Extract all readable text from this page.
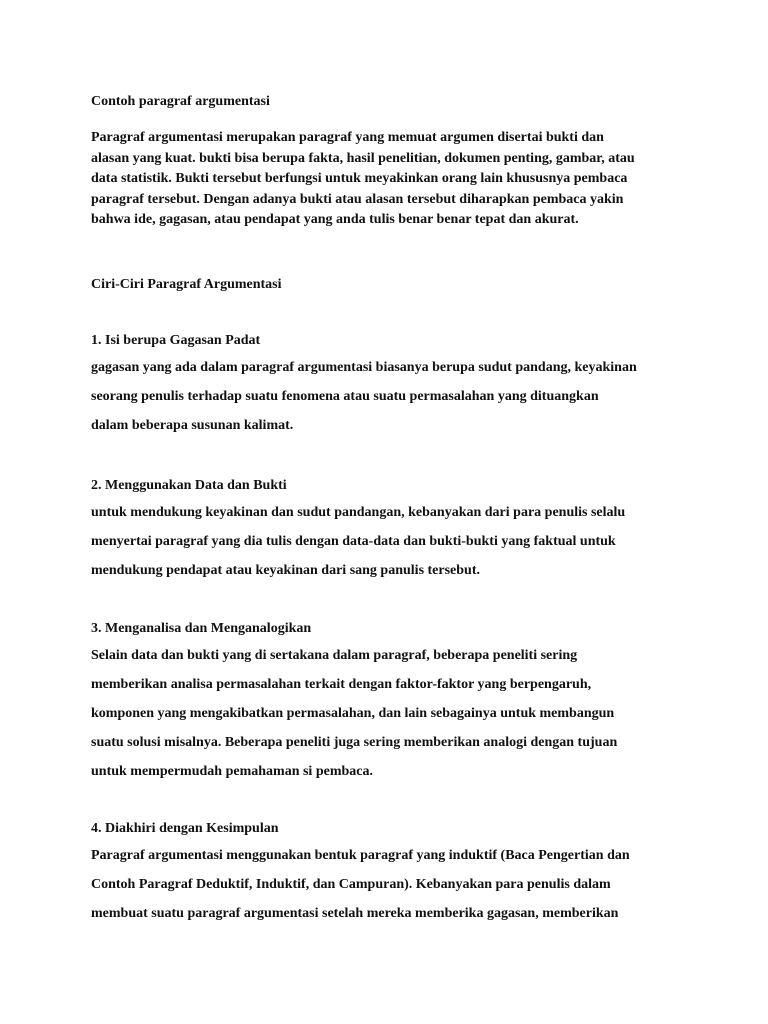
Contoh paragraf argumentasi
Paragraf argumentasi merupakan paragraf yang memuat argumen disertai bukti dan
alasan yang kuat. bukti bisa berupa fakta, hasil penelitian, dokumen penting, gambar, atau
data statistik. Bukti tersebut berfungsi untuk meyakinkan orang lain khususnya pembaca
paragraf tersebut. Dengan adanya bukti atau alasan tersebut diharapkan pembaca yakin
bahwa ide, gagasan, atau pendapat yang anda tulis benar benar tepat dan akurat.
Ciri-Ciri Paragraf Argumentasi
1. Isi berupa Gagasan Padat
gagasan yang ada dalam paragraf argumentasi biasanya berupa sudut pandang, keyakinan
seorang penulis terhadap suatu fenomena atau suatu permasalahan yang dituangkan
dalam beberapa susunan kalimat.
2. Menggunakan Data dan Bukti
untuk mendukung keyakinan dan sudut pandangan, kebanyakan dari para penulis selalu
menyertai paragraf yang dia tulis dengan data-data dan bukti-bukti yang faktual untuk
mendukung pendapat atau keyakinan dari sang panulis tersebut.
3. Menganalisa dan Menganalogikan
Selain data dan bukti yang di sertakana dalam paragraf, beberapa peneliti sering
memberikan analisa permasalahan terkait dengan faktor-faktor yang berpengaruh,
komponen yang mengakibatkan permasalahan, dan lain sebagainya untuk membangun
suatu solusi misalnya. Beberapa peneliti juga sering memberikan analogi dengan tujuan
untuk mempermudah pemahaman si pembaca.
4. Diakhiri dengan Kesimpulan
Paragraf argumentasi menggunakan bentuk paragraf yang induktif (Baca Pengertian dan
Contoh Paragraf Deduktif, Induktif, dan Campuran). Kebanyakan para penulis dalam
membuat suatu paragraf argumentasi setelah mereka memberika gagasan, memberikan
